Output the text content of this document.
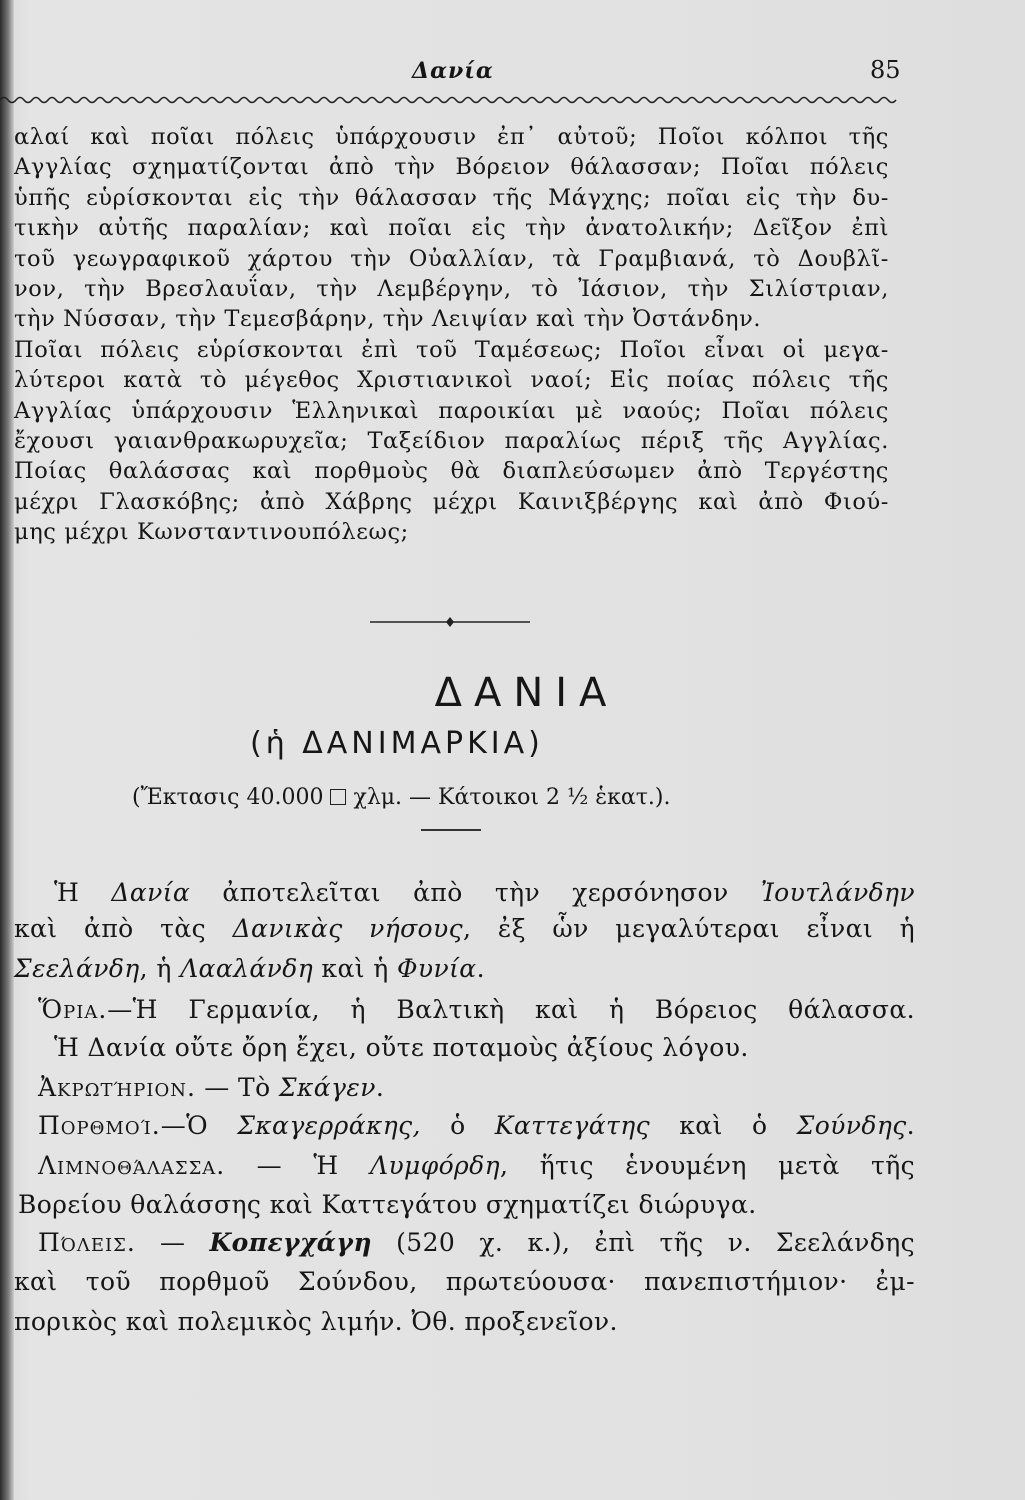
Δανία	85
αλαί καὶ ποῖαι πόλεις ὑπάρχουσιν ἐπ᾽ αὐτοῦ; Ποῖοι κόλποι τῆς
Αγγλίας σχηματίζονται ἀπὸ τὴν Βόρειον θάλασσαν; Ποῖαι πόλεις
ὑπῆς εὑρίσκονται εἰς τὴν θάλασσαν τῆς Μάγχης; ποῖαι εἰς τὴν δυ-
τικὴν αὐτῆς παραλίαν; καὶ ποῖαι εἰς τὴν ἀνατολικήν; Δεῖξον ἐπὶ
τοῦ γεωγραφικοῦ χάρτου τὴν Οὐαλλίαν, τὰ Γραμβιανά, τὸ Δουβλῖ-
νον, τὴν Βρεσλαυΐαν, τὴν Λεμβέργην, τὸ Ἰάσιον, τὴν Σιλίστριαν,
τὴν Νύσσαν, τὴν Τεμεσβάρην, τὴν Λειψίαν καὶ τὴν Ὀστάνδην.
Ποῖαι πόλεις εὑρίσκονται ἐπὶ τοῦ Ταμέσεως; Ποῖοι εἶναι οἱ μεγα-
λύτεροι κατὰ τὸ μέγεθος Χριστιανικοὶ ναοί; Εἰς ποίας πόλεις τῆς
Αγγλίας ὑπάρχουσιν Ἑλληνικαὶ παροικίαι μὲ ναούς; Ποῖαι πόλεις
ἔχουσι γαιανθρακωρυχεῖα; Ταξείδιον παραλίως πέριξ τῆς Αγγλίας.
Ποίας θαλάσσας καὶ πορθμοὺς θὰ διαπλεύσωμεν ἀπὸ Τεργέστης
μέχρι Γλασκόβης; ἀπὸ Χάβρης μέχρι Καινιξβέργης καὶ ἀπὸ Φιού-
μης μέχρι Κωνσταντινουπόλεως;
ΔΑΝΙΑ
(ἡ ΔΑΝΙΜΑΡΚΙΑ)
(Ἔκτασις 40.000 χλμ. — Κάτοικοι 2 ½ ἑκατ.).
Ἡ Δανία ἀποτελεῖται ἀπὸ τὴν χερσόνησον Ἰουτλάνδην
καὶ ἀπὸ τὰς Δανικὰς νήσους, ἐξ ὧν μεγαλύτεραι εἶναι ἡ
Σεελάνδη, ἡ Λααλάνδη καὶ ἡ Φυνία.
Ὅρια.—Ἡ Γερμανία, ἡ Βαλτικὴ καὶ ἡ Βόρειος θάλασσα.
Ἡ Δανία οὔτε ὄρη ἔχει, οὔτε ποταμοὺς ἀξίους λόγου.
Ἀκρωτήριον. — Τὸ Σκάγεν.
Πορθμοί.—Ὁ Σκαγερράκης, ὁ Καττεγάτης καὶ ὁ Σούνδης.
Λιμνοθάλασσα. — Ἡ Λυμφόρδη, ἥτις ἑνουμένη μετὰ τῆς
Βορείου θαλάσσης καὶ Καττεγάτου σχηματίζει διώρυγα.
Πόλεις. — Κοπεγχάγη (520 χ. κ.), ἐπὶ τῆς ν. Σεελάνδης
καὶ τοῦ πορθμοῦ Σούνδου, πρωτεύουσα· πανεπιστήμιον· ἐμ-
πορικὸς καὶ πολεμικὸς λιμήν. Ὀθ. προξενεῖον.
